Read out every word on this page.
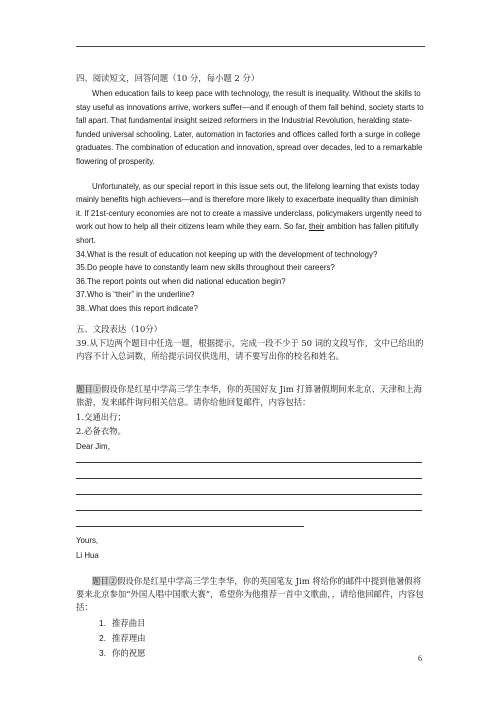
四、阅读短文，回答问题（10 分，每小题 2 分）

When education fails to keep pace with technology, the result is inequality. Without the skills to stay useful as innovations arrive, workers suffer—and if enough of them fall behind, society starts to fall apart. That fundamental insight seized reformers in the Industrial Revolution, heralding state-funded universal schooling. Later, automation in factories and offices called forth a surge in college graduates. The combination of education and innovation, spread over decades, led to a remarkable flowering of prosperity.

Unfortunately, as our special report in this issue sets out, the lifelong learning that exists today mainly benefits high achievers—and is therefore more likely to exacerbate inequality than diminish it. If 21st-century economies are not to create a massive underclass, policymakers urgently need to work out how to help all their citizens learn while they earn. So far, their ambition has fallen pitifully short.

34.What is the result of education not keeping up with the development of technology?

35.Do people have to constantly learn new skills throughout their careers?

36.The report points out when did national education begin?

37.Who is “their” in the underline?

38..What does this report indicate?

五、文段表达（10分）
39.从下边两个题目中任选一题，根据提示，完成一段不少于 50 词的文段写作，文中已给出的内容不计入总词数，所给提示词仅供选用，请不要写出你的校名和姓名。
题目①假设你是红星中学高三学生李华，你的英国好友 Jim 打算暑假期间来北京、天津和上海旅游，发来邮件询问相关信息。请你给他回复邮件，内容包括：
1.交通出行；
2.必备衣物。
Dear Jim，
Yours,
Li Hua

题目②假设你是红星中学高三学生李华，你的英国笔友 Jim 将给你的邮件中提到他暑假将要来北京参加“外国人唱中国歌大赛”，希望你为他推荐一首中文歌曲，，请给他回邮件，内容包括：

1. 推荐曲目
2. 推荐理由
3. 你的祝愿
6
